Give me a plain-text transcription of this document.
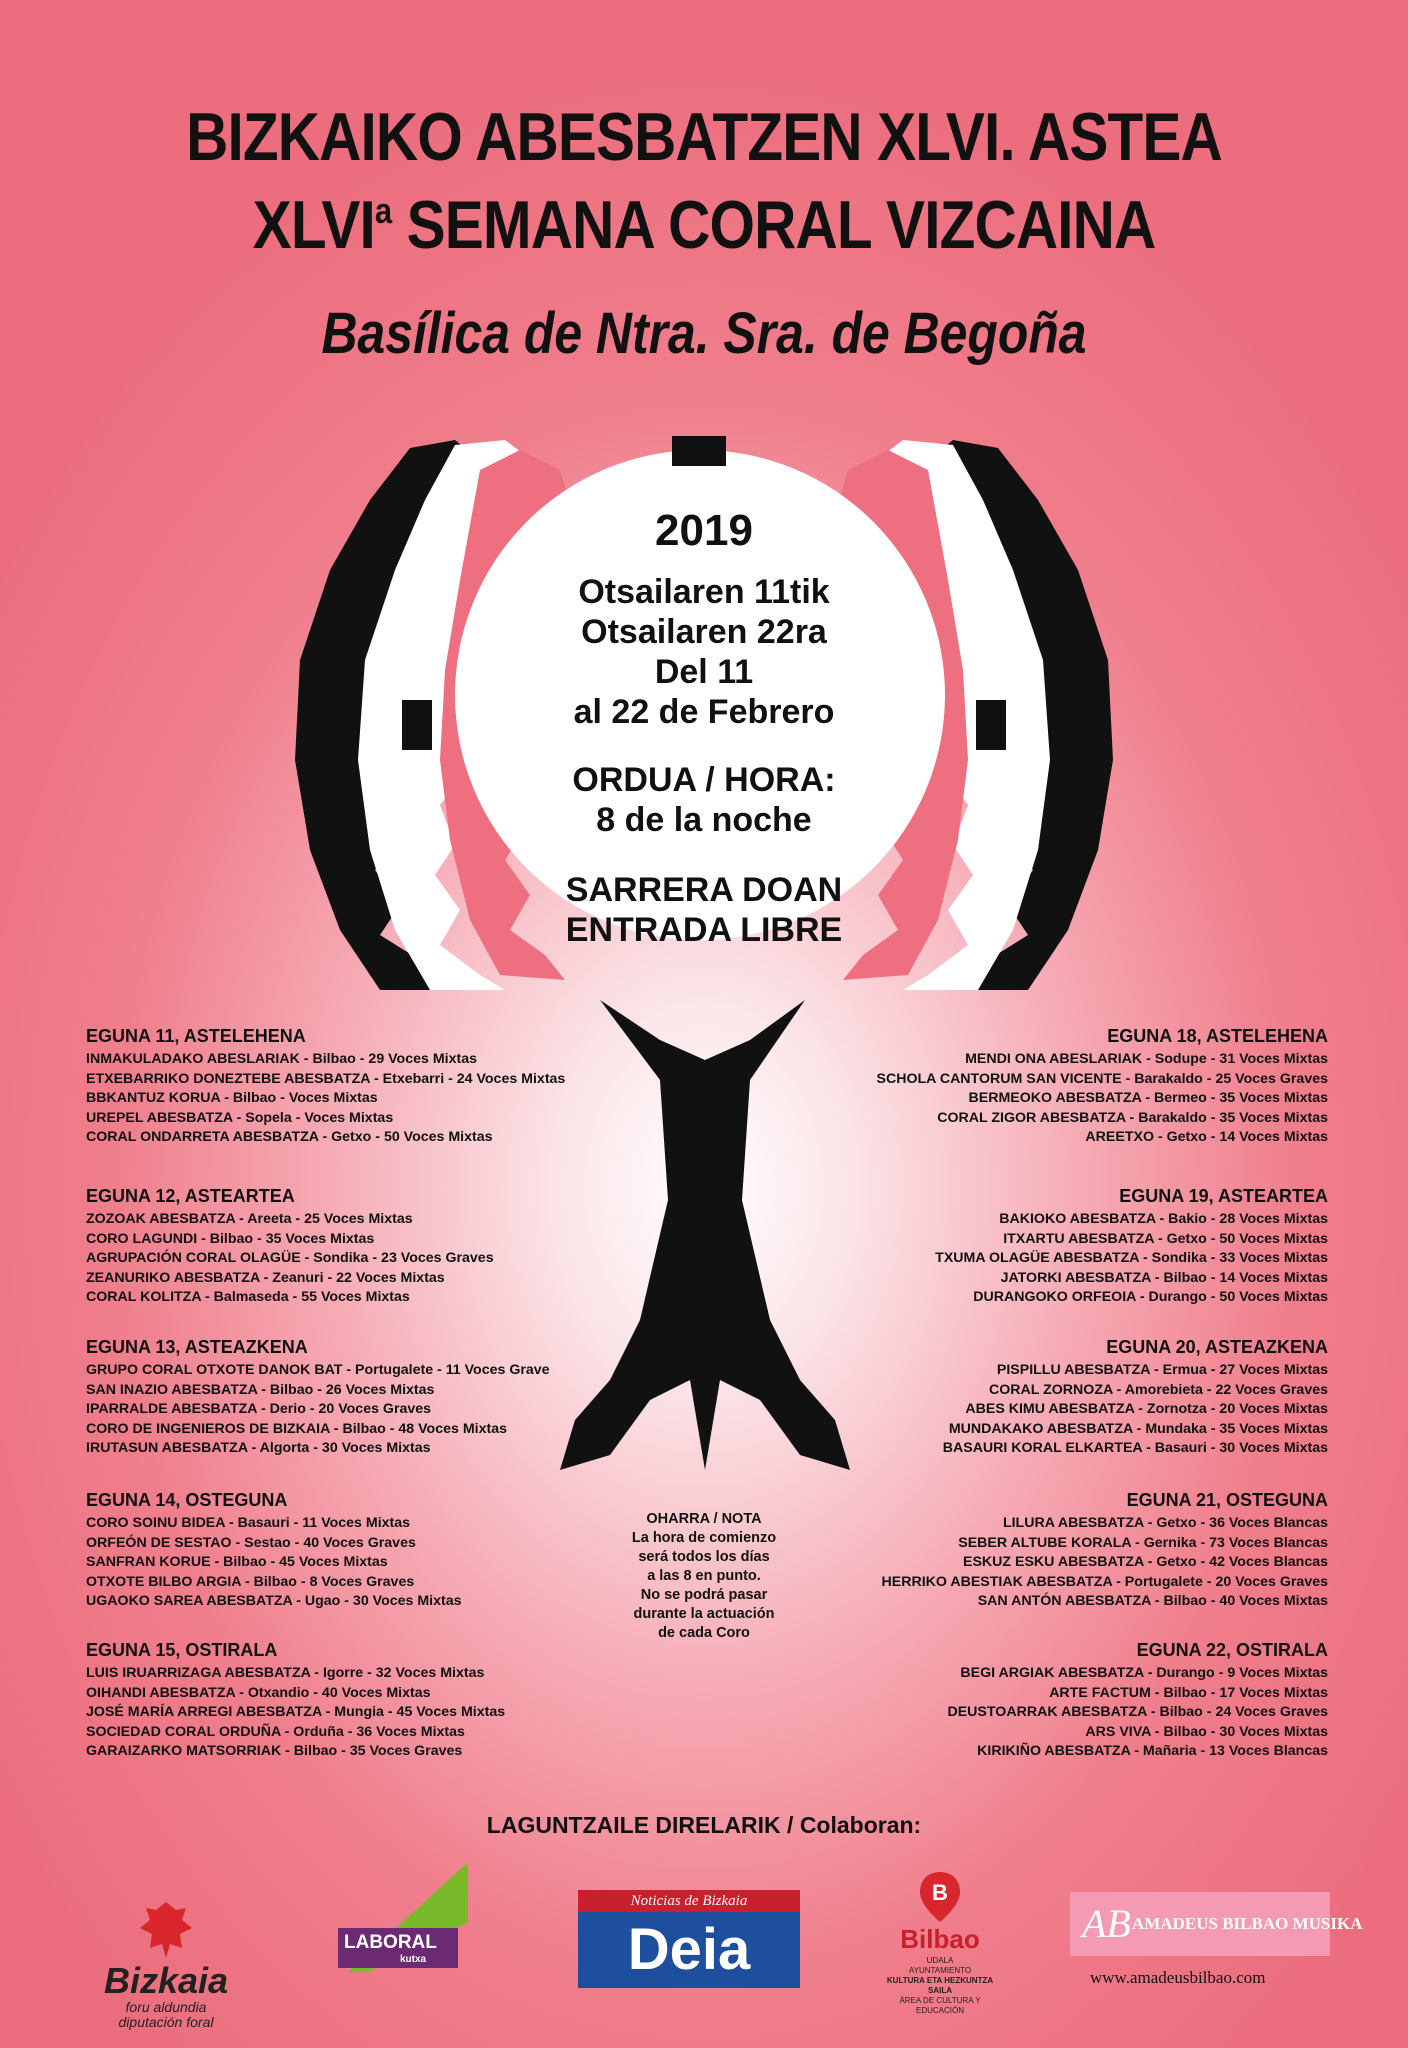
BIZKAIKO ABESBATZEN XLVI. ASTEA
XLVI$^a$ SEMANA CORAL VIZCAINA
Basílica de Ntra. Sra. de Begoña
2019
Otsailaren 11tik
Otsailaren 22ra
Del 11
al 22 de Febrero
ORDUA / HORA:
8 de la noche
SARRERA DOAN
ENTRADA LIBRE
EGUNA 11, ASTELEHENA
INMAKULADAKO ABESLARIAK - Bilbao - 29 Voces Mixtas
ETXEBARRIKO DONEZTEBE ABESBATZA - Etxebarri - 24 Voces Mixtas
BBKANTUZ KORUA - Bilbao - Voces Mixtas
UREPEL ABESBATZA - Sopela - Voces Mixtas
CORAL ONDARRETA ABESBATZA - Getxo - 50 Voces Mixtas
EGUNA 12, ASTEARTEA
ZOZOAK ABESBATZA - Areeta - 25 Voces Mixtas
CORO LAGUNDI - Bilbao - 35 Voces Mixtas
AGRUPACIÓN CORAL OLAGÜE - Sondika - 23 Voces Graves
ZEANURIKO ABESBATZA - Zeanuri - 22 Voces Mixtas
CORAL KOLITZA - Balmaseda - 55 Voces Mixtas
EGUNA 13, ASTEAZKENA
GRUPO CORAL OTXOTE DANOK BAT - Portugalete - 11 Voces Grave
SAN INAZIO ABESBATZA - Bilbao - 26 Voces Mixtas
IPARRALDE ABESBATZA - Derio - 20 Voces Graves
CORO DE INGENIEROS DE BIZKAIA - Bilbao - 48 Voces Mixtas
IRUTASUN ABESBATZA - Algorta - 30 Voces Mixtas
EGUNA 14, OSTEGUNA
CORO SOINU BIDEA - Basauri - 11 Voces Mixtas
ORFEÓN DE SESTAO - Sestao - 40 Voces Graves
SANFRAN KORUE - Bilbao - 45 Voces Mixtas
OTXOTE BILBO ARGIA - Bilbao - 8 Voces Graves
UGAOKO SAREA ABESBATZA - Ugao - 30 Voces Mixtas
EGUNA 15, OSTIRALA
LUIS IRUARRIZAGA ABESBATZA - Igorre - 32 Voces Mixtas
OIHANDI ABESBATZA - Otxandio - 40 Voces Mixtas
JOSÉ MARÍA ARREGI ABESBATZA - Mungia - 45 Voces Mixtas
SOCIEDAD CORAL ORDUÑA - Orduña - 36 Voces Mixtas
GARAIZARKO MATSORRIAK - Bilbao - 35 Voces Graves
EGUNA 18, ASTELEHENA
MENDI ONA ABESLARIAK - Sodupe - 31 Voces Mixtas
SCHOLA CANTORUM SAN VICENTE - Barakaldo - 25 Voces Graves
BERMEOKO ABESBATZA - Bermeo - 35 Voces Mixtas
CORAL ZIGOR ABESBATZA - Barakaldo - 35 Voces Mixtas
AREETXO - Getxo - 14 Voces Mixtas
EGUNA 19, ASTEARTEA
BAKIOKO ABESBATZA - Bakio - 28 Voces Mixtas
ITXARTU ABESBATZA - Getxo - 50 Voces Mixtas
TXUMA OLAGÜE ABESBATZA - Sondika - 33 Voces Mixtas
JATORKI ABESBATZA - Bilbao - 14 Voces Mixtas
DURANGOKO ORFEOIA - Durango - 50 Voces Mixtas
EGUNA 20, ASTEAZKENA
PISPILLU ABESBATZA - Ermua - 27 Voces Mixtas
CORAL ZORNOZA - Amorebieta - 22 Voces Graves
ABES KIMU ABESBATZA - Zornotza - 20 Voces Mixtas
MUNDAKAKO ABESBATZA - Mundaka - 35 Voces Mixtas
BASAURI KORAL ELKARTEA - Basauri - 30 Voces Mixtas
EGUNA 21, OSTEGUNA
LILURA ABESBATZA - Getxo - 36 Voces Blancas
SEBER ALTUBE KORALA - Gernika - 73 Voces Blancas
ESKUZ ESKU ABESBATZA - Getxo - 42 Voces Blancas
HERRIKO ABESTIAK ABESBATZA - Portugalete - 20 Voces Graves
SAN ANTÓN ABESBATZA - Bilbao - 40 Voces Mixtas
EGUNA 22, OSTIRALA
BEGI ARGIAK ABESBATZA - Durango - 9 Voces Mixtas
ARTE FACTUM - Bilbao - 17 Voces Mixtas
DEUSTOARRAK ABESBATZA - Bilbao - 24 Voces Graves
ARS VIVA - Bilbao - 30 Voces Mixtas
KIRIKIÑO ABESBATZA - Mañaria - 13 Voces Blancas
OHARRA / NOTA
La hora de comienzo
será todos los días
a las 8 en punto.
No se podrá pasar
durante la actuación
de cada Coro
LAGUNTZAILE DIRELARIK / Colaboran:
Bizkaia
foru aldundia
diputación foral
LABORAL
kutxa
Noticias de Bizkaia
Deia
B
Bilbao
UDALA
AYUNTAMIENTO
KULTURA ETA HEZKUNTZA SAILA
ÁREA DE CULTURA Y EDUCACIÓN
AB AMADEUS BILBAO MUSIKA
www.amadeusbilbao.com
